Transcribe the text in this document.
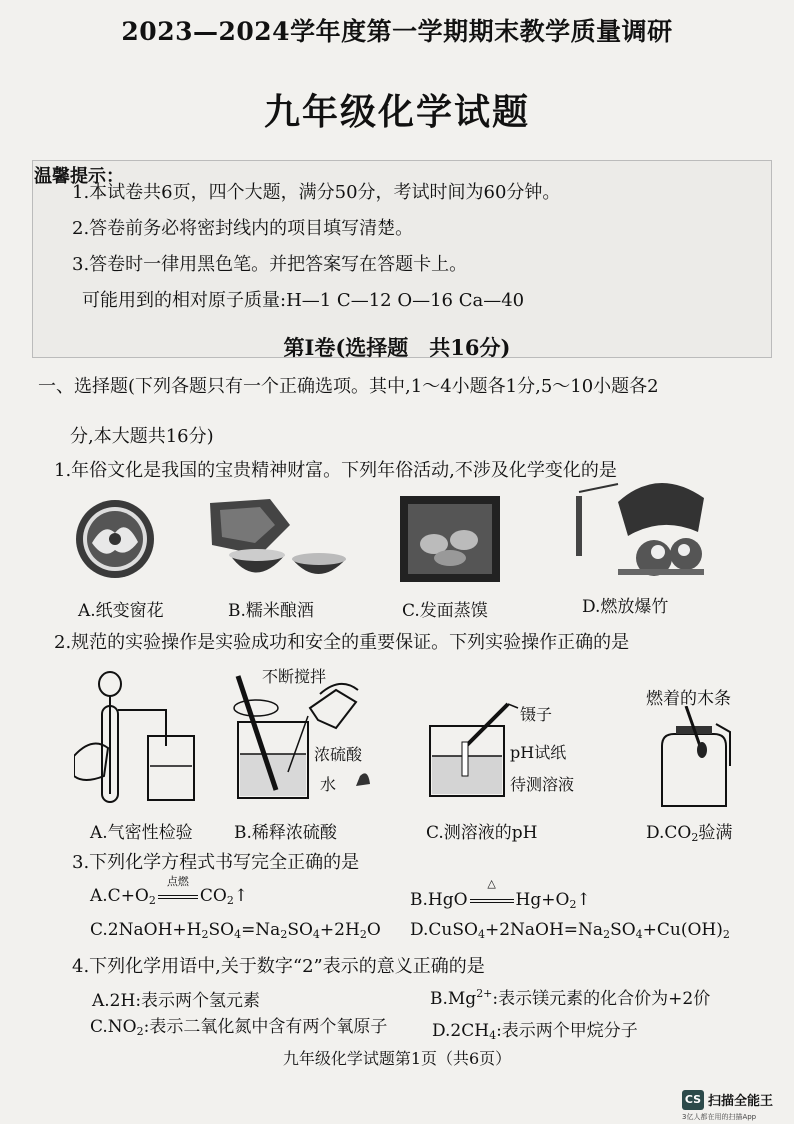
2023—2024学年度第一学期期末教学质量调研
九年级化学试题
温馨提示：
1.本试卷共6页，四个大题，满分50分，考试时间为60分钟。
2.答卷前务必将密封线内的项目填写清楚。
3.答卷时一律用黑色笔。并把答案写在答题卡上。
可能用到的相对原子质量:H—1 C—12 O—16 Ca—40
第I卷(选择题　共16分)
一、选择题(下列各题只有一个正确选项。其中,1～4小题各1分,5～10小题各2
分,本大题共16分)
1.年俗文化是我国的宝贵精神财富。下列年俗活动,不涉及化学变化的是
A.纸变窗花	B.糯米酿酒	C.发面蒸馍	D.燃放爆竹
2.规范的实验操作是实验成功和安全的重要保证。下列实验操作正确的是
不断搅拌
浓硫酸
水
镊子
pH试纸
待测溶液
燃着的木条
A.气密性检验 B.稀释浓硫酸	C.测溶液的pH	$D.CO_2$验满
3.下列化学方程式书写完全正确的是
$A.C+O_2$
点燃
$CO_2↑$	B.HgO
△
$Hg+O_2↑$
$C.2NaOH+H_2SO_4=Na_2SO_4+2H_2O$ $D.CuSO_4+2NaOH=Na_2SO_4+Cu(OH)_2$
4.下列化学用语中,关于数字“2”表示的意义正确的是
A.2H:表示两个氢元素	$B.Mg^{2+}$:表示镁元素的化合价为+2价
$C.NO_2$:表示二氧化氮中含有两个氧原子	$D.2CH_4$:表示两个甲烷分子
九年级化学试题第1页（共6页）
CS 扫描全能王
3亿人都在用的扫描App
